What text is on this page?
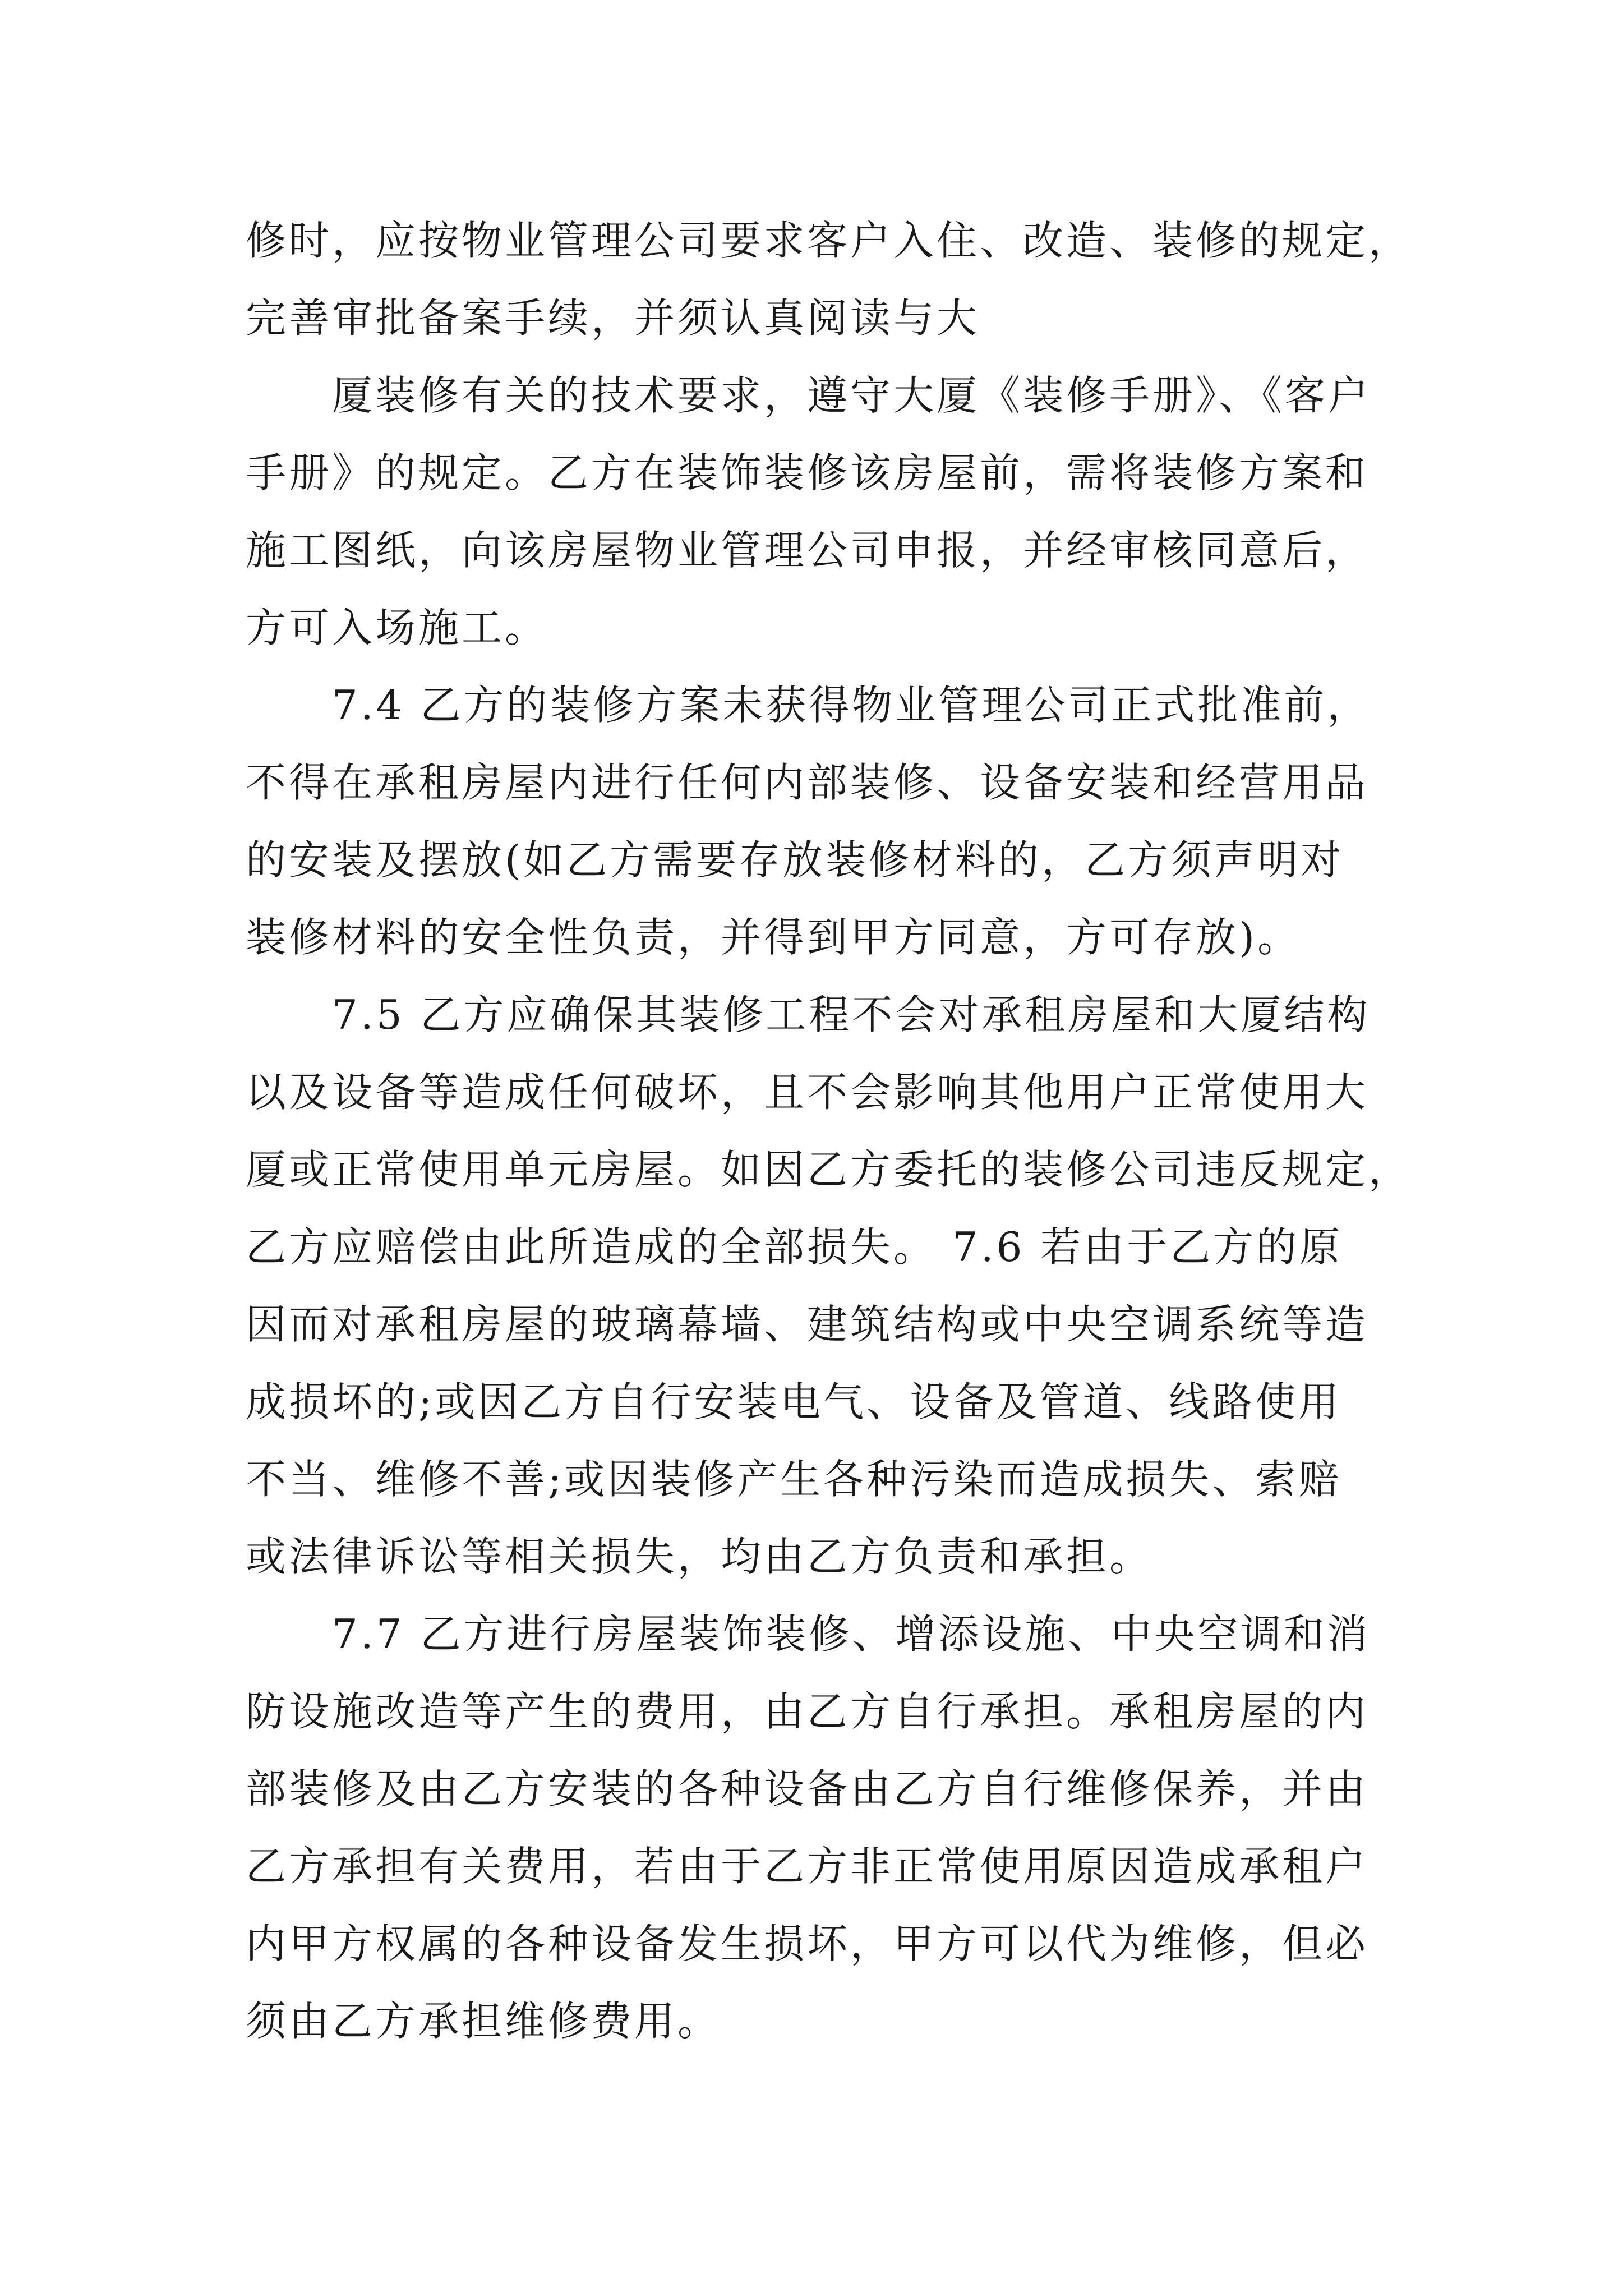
修时，应按物业管理公司要求客户入住、改造、装修的规定，
完善审批备案手续，并须认真阅读与大
　　厦装修有关的技术要求，遵守大厦《装修手册》、《客户
手册》的规定。乙方在装饰装修该房屋前，需将装修方案和
施工图纸，向该房屋物业管理公司申报，并经审核同意后，
方可入场施工。
　　7.4 乙方的装修方案未获得物业管理公司正式批准前，
不得在承租房屋内进行任何内部装修、设备安装和经营用品
的安装及摆放(如乙方需要存放装修材料的，乙方须声明对
装修材料的安全性负责，并得到甲方同意，方可存放)。
　　7.5 乙方应确保其装修工程不会对承租房屋和大厦结构
以及设备等造成任何破坏，且不会影响其他用户正常使用大
厦或正常使用单元房屋。如因乙方委托的装修公司违反规定，
乙方应赔偿由此所造成的全部损失。 7.6 若由于乙方的原
因而对承租房屋的玻璃幕墙、建筑结构或中央空调系统等造
成损坏的;或因乙方自行安装电气、设备及管道、线路使用
不当、维修不善;或因装修产生各种污染而造成损失、索赔
或法律诉讼等相关损失，均由乙方负责和承担。
　　7.7 乙方进行房屋装饰装修、增添设施、中央空调和消
防设施改造等产生的费用，由乙方自行承担。承租房屋的内
部装修及由乙方安装的各种设备由乙方自行维修保养，并由
乙方承担有关费用，若由于乙方非正常使用原因造成承租户
内甲方权属的各种设备发生损坏，甲方可以代为维修，但必
须由乙方承担维修费用。
